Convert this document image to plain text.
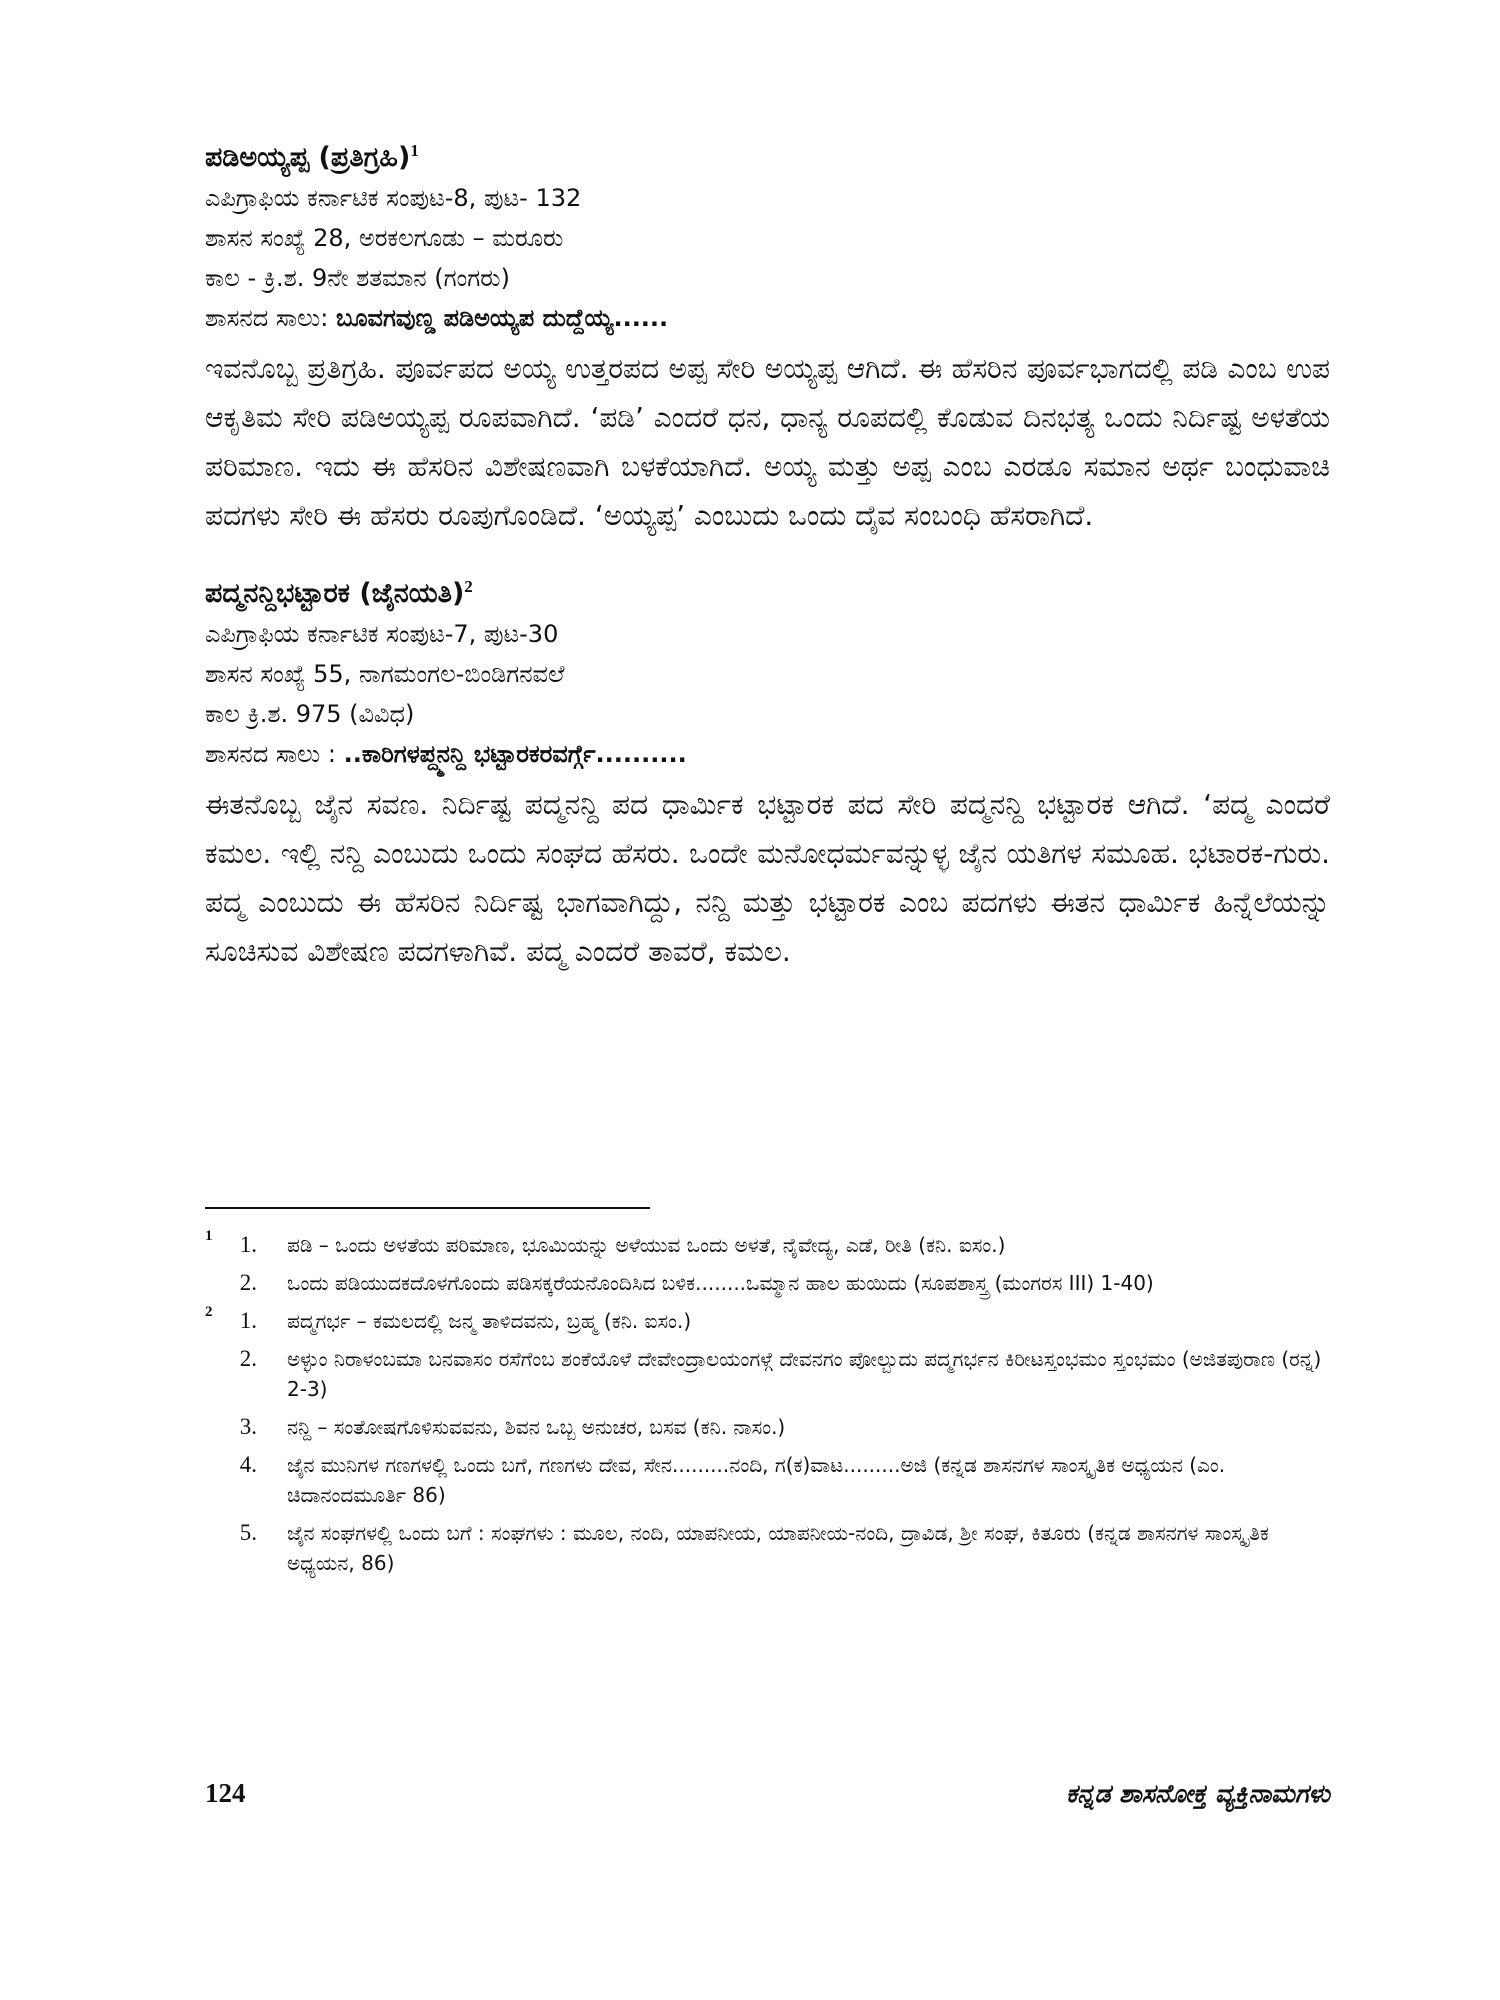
ಪಡಿಅಯ್ಯಪ್ಪ (ಪ್ರತಿಗ್ರಹಿ)$^1$

ಎಪಿಗ್ರಾಫಿಯ ಕರ್ನಾಟಿಕ ಸಂಪುಟ-8, ಪುಟ- 132

ಶಾಸನ ಸಂಖ್ಯೆ 28, ಅರಕಲಗೂಡು – ಮರೂರು

ಕಾಲ - ಕ್ರಿ.ಶ. 9ನೇ ಶತಮಾನ (ಗಂಗರು)

ಶಾಸನದ ಸಾಲು: ಬೂವಗವುಣ್ಡ ಪಡಿಅಯ್ಯಪ ದುದ್ದೆಯ್ಯ......

ಇವನೊಬ್ಬ ಪ್ರತಿಗ್ರಹಿ. ಪೂರ್ವಪದ ಅಯ್ಯ ಉತ್ತರಪದ ಅಪ್ಪ ಸೇರಿ ಅಯ್ಯಪ್ಪ ಆಗಿದೆ. ಈ ಹೆಸರಿನ ಪೂರ್ವಭಾಗದಲ್ಲಿ ಪಡಿ ಎಂಬ ಉಪ ಆಕೃತಿಮ ಸೇರಿ ಪಡಿಅಯ್ಯಪ್ಪ ರೂಪವಾಗಿದೆ. ‘ಪಡಿ’ ಎಂದರೆ ಧನ, ಧಾನ್ಯ ರೂಪದಲ್ಲಿ ಕೊಡುವ ದಿನಭತ್ಯ ಒಂದು ನಿರ್ದಿಷ್ಟ ಅಳತೆಯ ಪರಿಮಾಣ. ಇದು ಈ ಹೆಸರಿನ ವಿಶೇಷಣವಾಗಿ ಬಳಕೆಯಾಗಿದೆ. ಅಯ್ಯ ಮತ್ತು ಅಪ್ಪ ಎಂಬ ಎರಡೂ ಸಮಾನ ಅರ್ಥ ಬಂಧುವಾಚಿ ಪದಗಳು ಸೇರಿ ಈ ಹೆಸರು ರೂಪುಗೊಂಡಿದೆ. ‘ಅಯ್ಯಪ್ಪ’ ಎಂಬುದು ಒಂದು ದೈವ ಸಂಬಂಧಿ ಹೆಸರಾಗಿದೆ.

ಪದ್ಮನನ್ದಿಭಟ್ಟಾರಕ (ಜೈನಯತಿ)$^2$

ಎಪಿಗ್ರಾಫಿಯ ಕರ್ನಾಟಿಕ ಸಂಪುಟ-7, ಪುಟ-30

ಶಾಸನ ಸಂಖ್ಯೆ 55, ನಾಗಮಂಗಲ-ಬಿಂಡಿಗನವಲೆ

ಕಾಲ ಕ್ರಿ.ಶ. 975 (ವಿವಿಧ)

ಶಾಸನದ ಸಾಲು : ..ಕಾರಿಗಳಪ್ದ್ಮನನ್ದಿ ಭಟ್ಟಾರಕರವರ್ಗ್ಗೆ..........

ಈತನೊಬ್ಬ ಜೈನ ಸವಣ. ನಿರ್ದಿಷ್ಟ ಪದ್ಮನನ್ದಿ ಪದ ಧಾರ್ಮಿಕ ಭಟ್ಟಾರಕ ಪದ ಸೇರಿ ಪದ್ಮನನ್ದಿ ಭಟ್ಟಾರಕ ಆಗಿದೆ. ‘ಪದ್ಮ ಎಂದರೆ ಕಮಲ. ಇಲ್ಲಿ ನನ್ದಿ ಎಂಬುದು ಒಂದು ಸಂಘದ ಹೆಸರು. ಒಂದೇ ಮನೋಧರ್ಮವನ್ನುಳ್ಳ ಜೈನ ಯತಿಗಳ ಸಮೂಹ. ಭಟಾರಕ-ಗುರು. ಪದ್ಮ ಎಂಬುದು ಈ ಹೆಸರಿನ ನಿರ್ದಿಷ್ಟ ಭಾಗವಾಗಿದ್ದು, ನನ್ದಿ ಮತ್ತು ಭಟ್ಟಾರಕ ಎಂಬ ಪದಗಳು ಈತನ ಧಾರ್ಮಿಕ ಹಿನ್ನೆಲೆಯನ್ನು ಸೂಚಿಸುವ ವಿಶೇಷಣ ಪದಗಳಾಗಿವೆ. ಪದ್ಮ ಎಂದರೆ ತಾವರೆ, ಕಮಲ.

1	1.	ಪಡಿ – ಒಂದು ಅಳತೆಯ ಪರಿಮಾಣ, ಭೂಮಿಯನ್ನು ಅಳೆಯುವ ಒಂದು ಅಳತೆ, ನೈವೇದ್ಯ, ಎಡೆ, ರೀತಿ (ಕನಿ. ಐಸಂ.)
2.	ಒಂದು ಪಡಿಯುದಕದೊಳಗೊಂದು ಪಡಿಸಕ್ಕರೆಯನೊಂದಿಸಿದ ಬಳಿಕ........ಒಮ್ಮಾನ ಹಾಲ ಹುಯಿದು (ಸೂಪಶಾಸ್ತ್ರ (ಮಂಗರಸ III) 1-40)
2	1.	ಪದ್ಮಗರ್ಭ – ಕಮಲದಲ್ಲಿ ಜನ್ಮ ತಾಳಿದವನು, ಬ್ರಹ್ಮ (ಕನಿ. ಐಸಂ.)
2.	ಅಳ್ಳುಂ ನಿರಾಳಂಬಮಾ ಬನವಾಸಂ ರಸೆಗೆಂಬ ಶಂಕೆಯೊಳೆ ದೇವೇಂದ್ರಾಲಯಂಗಳ್ಗೆ ದೇವನಗಂ ಪೋಲ್ಬುದು ಪದ್ಮಗರ್ಭನ ಕಿರೀಟಸ್ತಂಭಮಂ ಸ್ತಂಭಮಂ (ಅಜಿತಪುರಾಣ (ರನ್ನ) 2-3)
3.	ನನ್ದಿ – ಸಂತೋಷಗೊಳಿಸುವವನು, ಶಿವನ ಒಬ್ಬ ಅನುಚರ, ಬಸವ (ಕನಿ. ನಾಸಂ.)
4.	ಜೈನ ಮುನಿಗಳ ಗಣಗಳಲ್ಲಿ ಒಂದು ಬಗೆ, ಗಣಗಳು ದೇವ, ಸೇನ.........ನಂದಿ, ಗ(ಕ)ವಾಟ.........ಅಜಿ (ಕನ್ನಡ ಶಾಸನಗಳ ಸಾಂಸ್ಕೃತಿಕ ಅಧ್ಯಯನ (ಎಂ. ಚಿದಾನಂದಮೂರ್ತಿ 86)
5.	ಜೈನ ಸಂಘಗಳಲ್ಲಿ ಒಂದು ಬಗೆ : ಸಂಘಗಳು : ಮೂಲ, ನಂದಿ, ಯಾಪನೀಯ, ಯಾಪನೀಯ-ನಂದಿ, ದ್ರಾವಿಡ, ಶ್ರೀ ಸಂಘ, ಕಿತೂರು (ಕನ್ನಡ ಶಾಸನಗಳ ಸಾಂಸ್ಕೃತಿಕ ಅಧ್ಯಯನ, 86)
124	ಕನ್ನಡ ಶಾಸನೋಕ್ತ ವ್ಯಕ್ತಿನಾಮಗಳು
